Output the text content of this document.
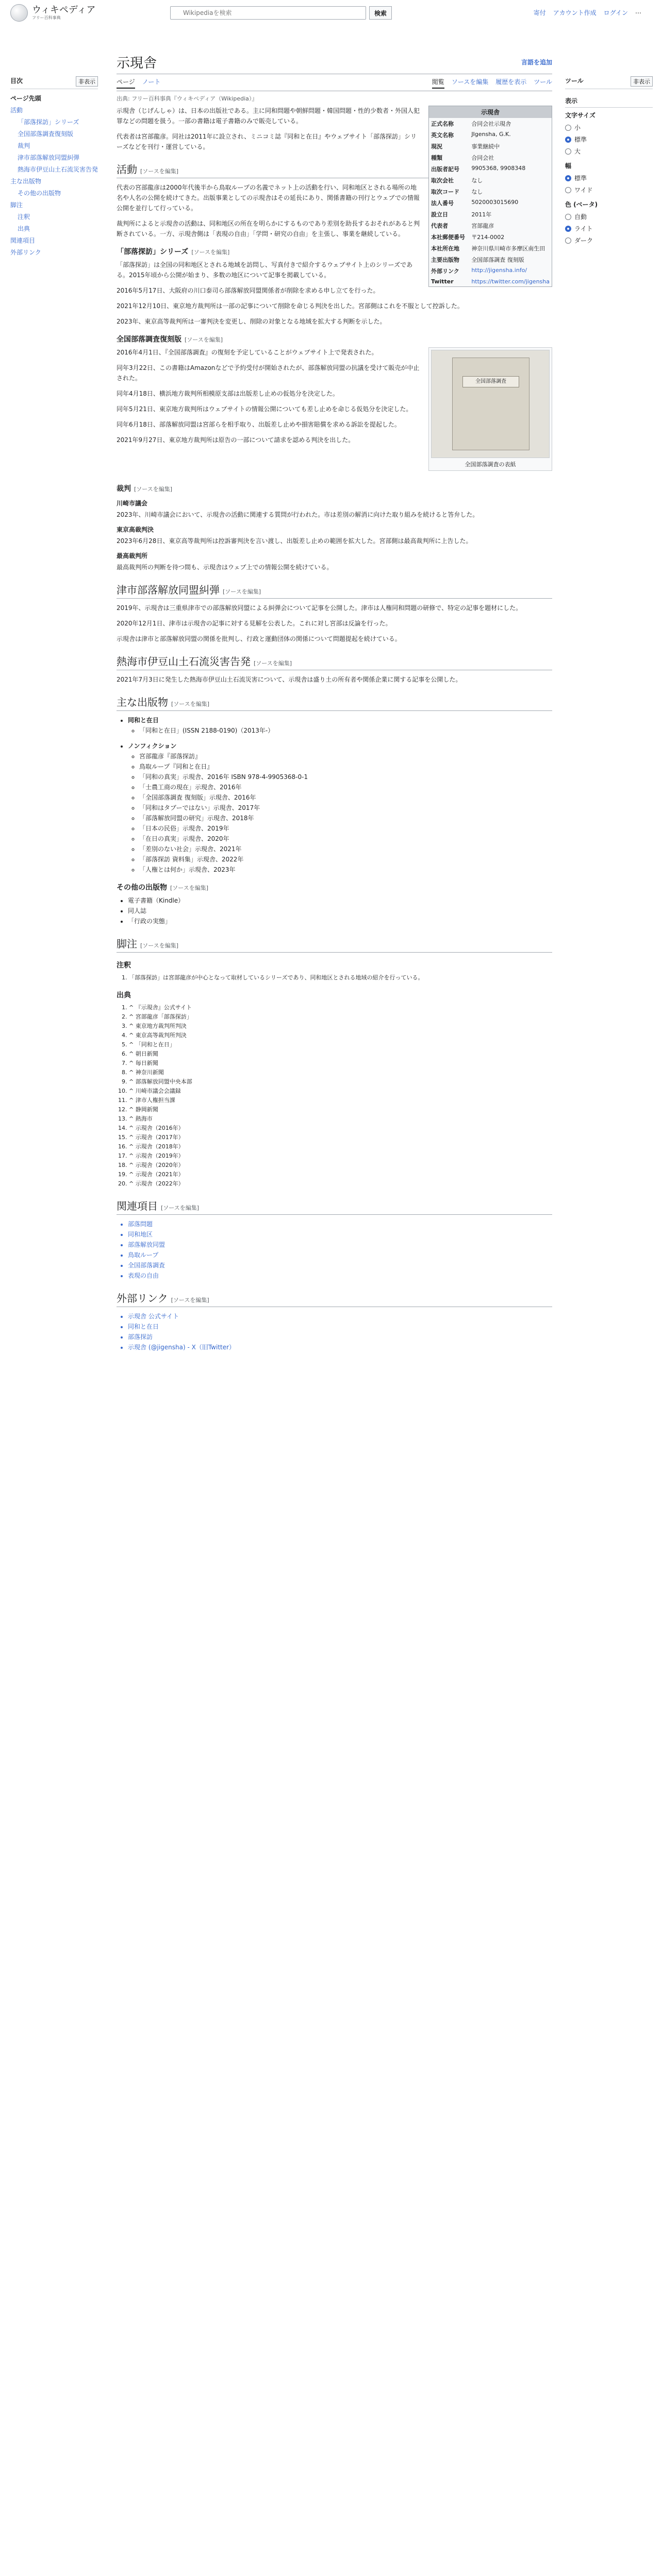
ウィキペディア
フリー百科事典
Wikipediaを検索
検索	寄付 アカウント作成 ログイン ⋯
目次	非表示
ページ先頭
活動
「部落探訪」シリーズ
全国部落調査復刻版
裁判
津市部落解放同盟糾弾
熱海市伊豆山土石流災害告発
主な出版物
その他の出版物
脚注
注釈
出典
関連項目
外部リンク
ツール	非表示
表示
文字サイズ
小
標準
大
幅
標準
ワイド
色 (ベータ)
自動
ライト
ダーク
示現舎	言語を追加
ページ ノート	閲覧 ソースを編集 履歴を表示 ツール
出典: フリー百科事典『ウィキペディア（Wikipedia）』
示現舎
正式名称	合同会社示現舎
英文名称	JIgensha, G.K.
現況	事業継続中
種類	合同会社
出版者記号	9905368, 9908348
取次会社	なし
取次コード	なし
法人番号	5020003015690
設立日	2011年
代表者	宮部龍彦
本社郵便番号	〒214-0002
本社所在地	神奈川県川崎市多摩区南生田
主要出版物	全国部落調査 復刻版
外部リンク	http://jigensha.info/
Twitter	https://twitter.com/jigensha

示現舎（じげんしゃ）は、日本の出版社である。主に同和問題や朝鮮問題・韓国問題・性的少数者・外国人犯罪などの問題を扱う。一部の書籍は電子書籍のみで販売している。

代表者は宮部龍彦。同社は2011年に設立され、ミニコミ誌『同和と在日』やウェブサイト「部落探訪」シリーズなどを刊行・運営している。

活動 [ソースを編集]

代表の宮部龍彦は2000年代後半から鳥取ループの名義でネット上の活動を行い、同和地区とされる場所の地名や人名の公開を続けてきた。出版事業としての示現舎はその延長にあり、関係書籍の刊行とウェブでの情報公開を並行して行っている。

裁判所によると示現舎の活動は、同和地区の所在を明らかにするものであり差別を助長するおそれがあると判断されている。一方、示現舎側は「表現の自由」「学問・研究の自由」を主張し、事業を継続している。

「部落探訪」シリーズ [ソースを編集]

「部落探訪」は全国の同和地区とされる地域を訪問し、写真付きで紹介するウェブサイト上のシリーズである。2015年頃から公開が始まり、多数の地区について記事を掲載している。

2016年5月17日、大阪府の川口泰司ら部落解放同盟関係者が削除を求める申し立てを行った。

2021年12月10日、東京地方裁判所は一部の記事について削除を命じる判決を出した。宮部側はこれを不服として控訴した。

2023年、東京高等裁判所は一審判決を変更し、削除の対象となる地域を拡大する判断を示した。

全国部落調査復刻版 [ソースを編集]
全国部落調査
全国部落調査の表紙

2016年4月1日、『全国部落調査』の復刻を予定していることがウェブサイト上で発表された。

同年3月22日、この書籍はAmazonなどで予約受付が開始されたが、部落解放同盟の抗議を受けて販売が中止された。

同年4月18日、横浜地方裁判所相模原支部は出版差し止めの仮処分を決定した。

同年5月21日、東京地方裁判所はウェブサイトの情報公開についても差し止めを命じる仮処分を決定した。

同年6月18日、部落解放同盟は宮部らを相手取り、出版差し止めや損害賠償を求める訴訟を提起した。

2021年9月27日、東京地方裁判所は原告の一部について請求を認める判決を出した。

裁判 [ソースを編集]
川崎市議会

2023年、川崎市議会において、示現舎の活動に関連する質問が行われた。市は差別の解消に向けた取り組みを続けると答弁した。

東京高裁判決

2023年6月28日、東京高等裁判所は控訴審判決を言い渡し、出版差し止めの範囲を拡大した。宮部側は最高裁判所に上告した。

最高裁判所

最高裁判所の判断を待つ間も、示現舎はウェブ上での情報公開を続けている。

津市部落解放同盟糾弾 [ソースを編集]

2019年、示現舎は三重県津市での部落解放同盟による糾弾会について記事を公開した。津市は人権同和問題の研修で、特定の記事を題材にした。

2020年12月1日、津市は示現舎の記事に対する見解を公表した。これに対し宮部は反論を行った。

示現舎は津市と部落解放同盟の関係を批判し、行政と運動団体の関係について問題提起を続けている。

熱海市伊豆山土石流災害告発 [ソースを編集]

2021年7月3日に発生した熱海市伊豆山土石流災害について、示現舎は盛り土の所有者や関係企業に関する記事を公開した。

主な出版物 [ソースを編集]
• 同和と在日
◦ 「同和と在日」(ISSN 2188-0190)（2013年-）
• ノンフィクション
◦ 宮部龍彦『部落探訪』
◦ 鳥取ループ『同和と在日』
◦ 「同和の真実」示現舎、2016年 ISBN 978-4-9905368-0-1
◦ 「士農工商の現在」示現舎、2016年
◦ 「全国部落調査 復刻版」示現舎、2016年
◦ 「同和はタブーではない」示現舎、2017年
◦ 「部落解放同盟の研究」示現舎、2018年
◦ 「日本の民俗」示現舎、2019年
◦ 「在日の真実」示現舎、2020年
◦ 「差別のない社会」示現舎、2021年
◦ 「部落探訪 資料集」示現舎、2022年
◦ 「人権とは何か」示現舎、2023年
その他の出版物 [ソースを編集]
• 電子書籍（Kindle）
• 同人誌
• 「行政の実態」
脚注 [ソースを編集]
注釈
1. 「部落探訪」は宮部龍彦が中心となって取材しているシリーズであり、同和地区とされる地域の紹介を行っている。
出典
1. ^ 『示現舎』公式サイト
2. ^ 宮部龍彦「部落探訪」
3. ^ 東京地方裁判所判決
4. ^ 東京高等裁判所判決
5. ^ 「同和と在日」
6. ^ 朝日新聞
7. ^ 毎日新聞
8. ^ 神奈川新聞
9. ^ 部落解放同盟中央本部
10. ^ 川崎市議会会議録
11. ^ 津市人権担当課
12. ^ 静岡新聞
13. ^ 熱海市
14. ^ 示現舎（2016年）
15. ^ 示現舎（2017年）
16. ^ 示現舎（2018年）
17. ^ 示現舎（2019年）
18. ^ 示現舎（2020年）
19. ^ 示現舎（2021年）
20. ^ 示現舎（2022年）
関連項目 [ソースを編集]
• 部落問題
• 同和地区
• 部落解放同盟
• 鳥取ループ
• 全国部落調査
• 表現の自由
外部リンク [ソースを編集]
• 示現舎 公式サイト
• 同和と在日
• 部落探訪
• 示現舎 (@jigensha) - X（旧Twitter）
